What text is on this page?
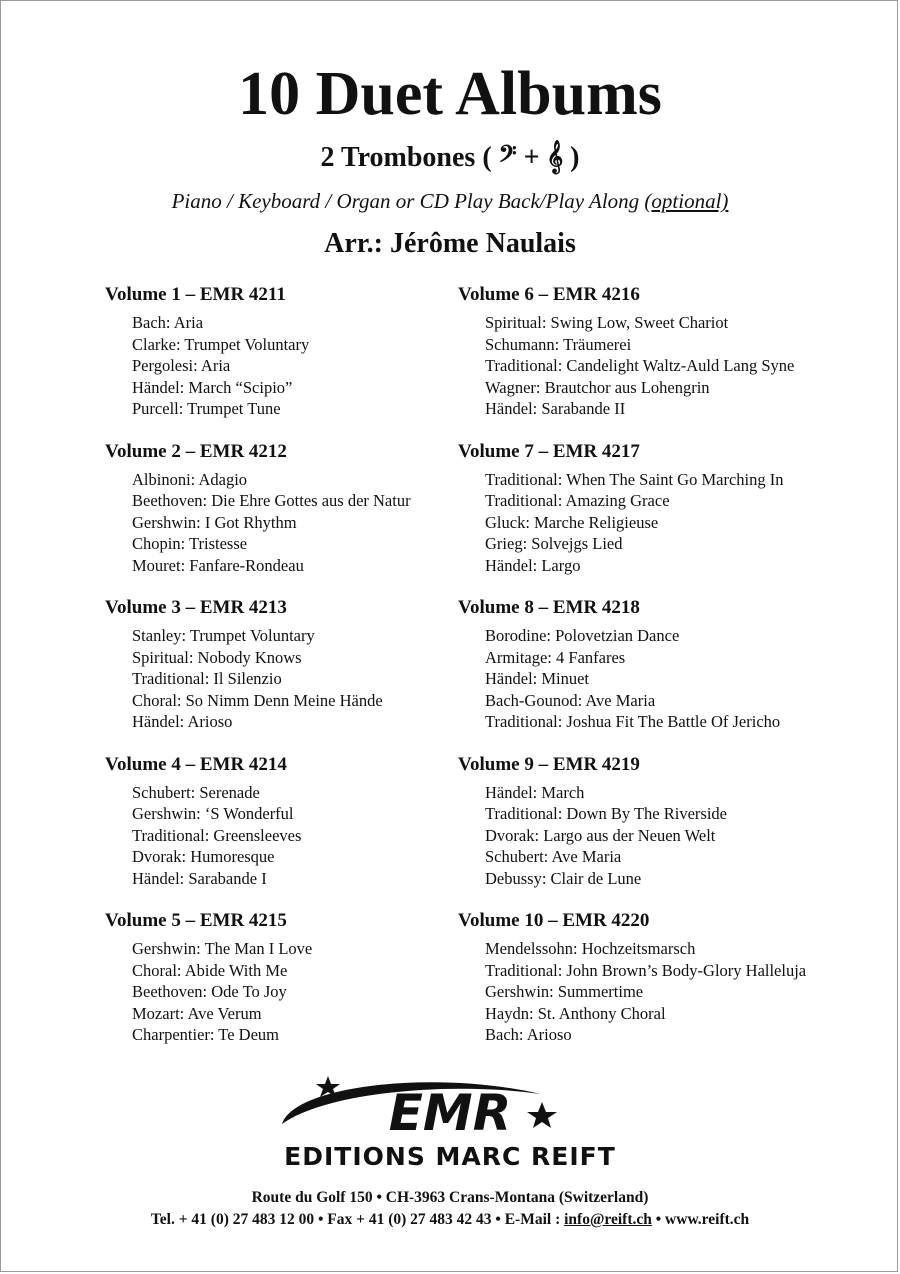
10 Duet Albums
2 Trombones ( 𝄢 + 𝄞 )
Piano / Keyboard / Organ or CD Play Back/Play Along (optional)
Arr.: Jérôme Naulais
Volume 1 – EMR 4211
Bach: Aria
Clarke: Trumpet Voluntary
Pergolesi: Aria
Händel: March “Scipio”
Purcell: Trumpet Tune
Volume 2 – EMR 4212
Albinoni: Adagio
Beethoven: Die Ehre Gottes aus der Natur
Gershwin: I Got Rhythm
Chopin: Tristesse
Mouret: Fanfare-Rondeau
Volume 3 – EMR 4213
Stanley: Trumpet Voluntary
Spiritual: Nobody Knows
Traditional: Il Silenzio
Choral: So Nimm Denn Meine Hände
Händel: Arioso
Volume 4 – EMR 4214
Schubert: Serenade
Gershwin: ‘S Wonderful
Traditional: Greensleeves
Dvorak: Humoresque
Händel: Sarabande I
Volume 5 – EMR 4215
Gershwin: The Man I Love
Choral: Abide With Me
Beethoven: Ode To Joy
Mozart: Ave Verum
Charpentier: Te Deum
Volume 6 – EMR 4216
Spiritual: Swing Low, Sweet Chariot
Schumann: Träumerei
Traditional: Candelight Waltz-Auld Lang Syne
Wagner: Brautchor aus Lohengrin
Händel: Sarabande II
Volume 7 – EMR 4217
Traditional: When The Saint Go Marching In
Traditional: Amazing Grace
Gluck: Marche Religieuse
Grieg: Solvejgs Lied
Händel: Largo
Volume 8 – EMR 4218
Borodine: Polovetzian Dance
Armitage: 4 Fanfares
Händel: Minuet
Bach-Gounod: Ave Maria
Traditional: Joshua Fit The Battle Of Jericho
Volume 9 – EMR 4219
Händel: March
Traditional: Down By The Riverside
Dvorak: Largo aus der Neuen Welt
Schubert: Ave Maria
Debussy: Clair de Lune
Volume 10 – EMR 4220
Mendelssohn: Hochzeitsmarsch
Traditional: John Brown’s Body-Glory Halleluja
Gershwin: Summertime
Haydn: St. Anthony Choral
Bach: Arioso
EMR
EDITIONS MARC REIFT
Route du Golf 150 • CH-3963 Crans-Montana (Switzerland)
Tel. + 41 (0) 27 483 12 00 • Fax + 41 (0) 27 483 42 43 • E-Mail : info@reift.ch • www.reift.ch
